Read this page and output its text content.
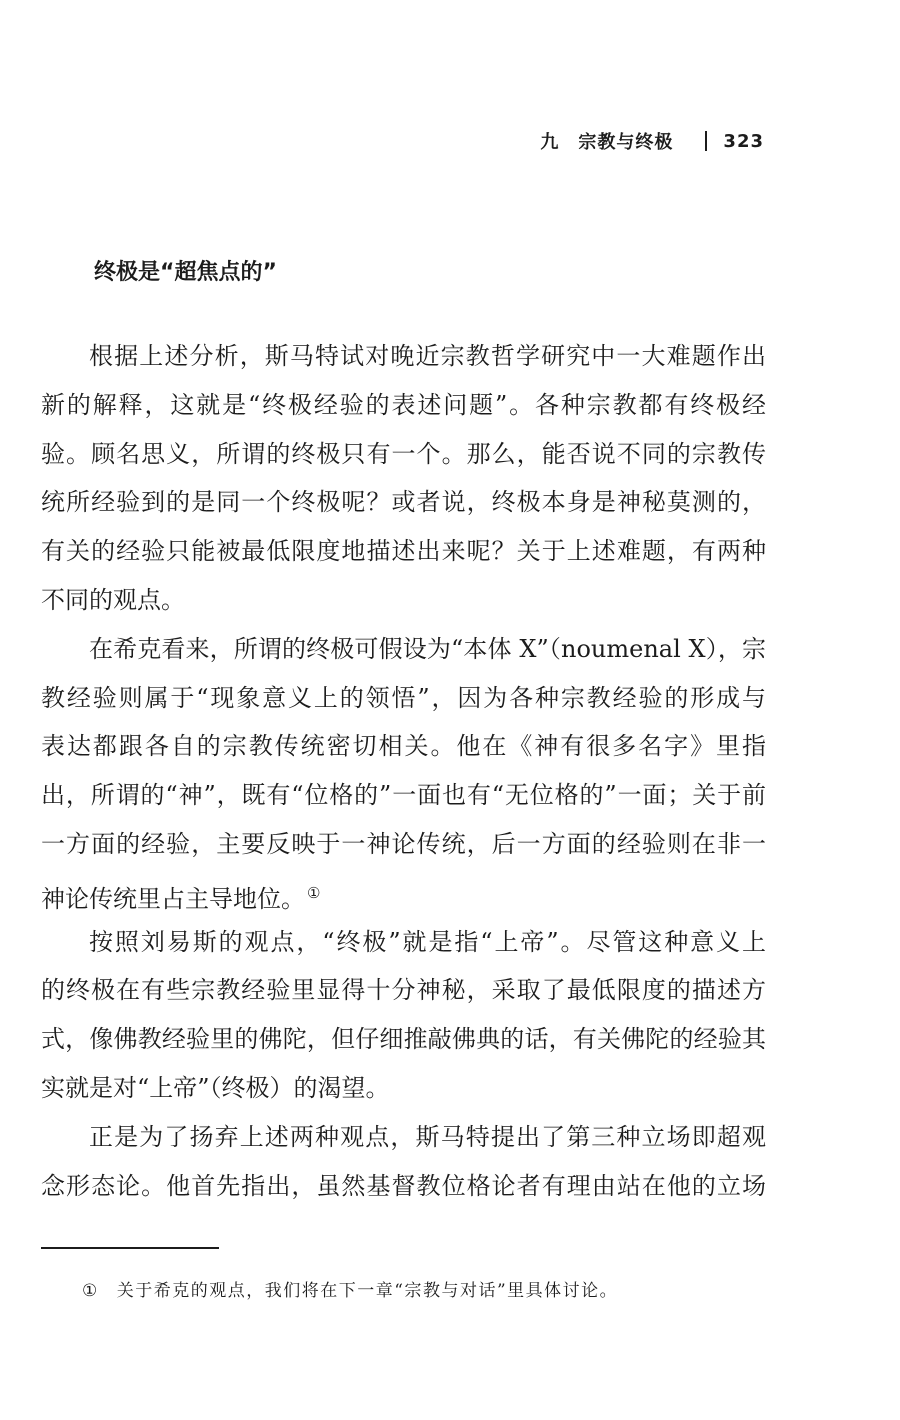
九　宗教与终极	323
终极是“超焦点的”
根据上述分析，斯马特试对晚近宗教哲学研究中一大难题作出
新的解释，这就是“终极经验的表述问题”。各种宗教都有终极经
验。顾名思义，所谓的终极只有一个。那么，能否说不同的宗教传
统所经验到的是同一个终极呢？或者说，终极本身是神秘莫测的，
有关的经验只能被最低限度地描述出来呢？关于上述难题，有两种
不同的观点。
在希克看来，所谓的终极可假设为“本体 X”（noumenal X），宗
教经验则属于“现象意义上的领悟”，因为各种宗教经验的形成与
表达都跟各自的宗教传统密切相关。他在《神有很多名字》里指
出，所谓的“神”，既有“位格的”一面也有“无位格的”一面；关于前
一方面的经验，主要反映于一神论传统，后一方面的经验则在非一
神论传统里占主导地位。 ①
按照刘易斯的观点，“终极”就是指“上帝”。尽管这种意义上
的终极在有些宗教经验里显得十分神秘，采取了最低限度的描述方
式，像佛教经验里的佛陀，但仔细推敲佛典的话，有关佛陀的经验其
实就是对“上帝”（终极）的渴望。
正是为了扬弃上述两种观点，斯马特提出了第三种立场即超观
念形态论。他首先指出，虽然基督教位格论者有理由站在他的立场
① 关于希克的观点，我们将在下一章“宗教与对话”里具体讨论。
